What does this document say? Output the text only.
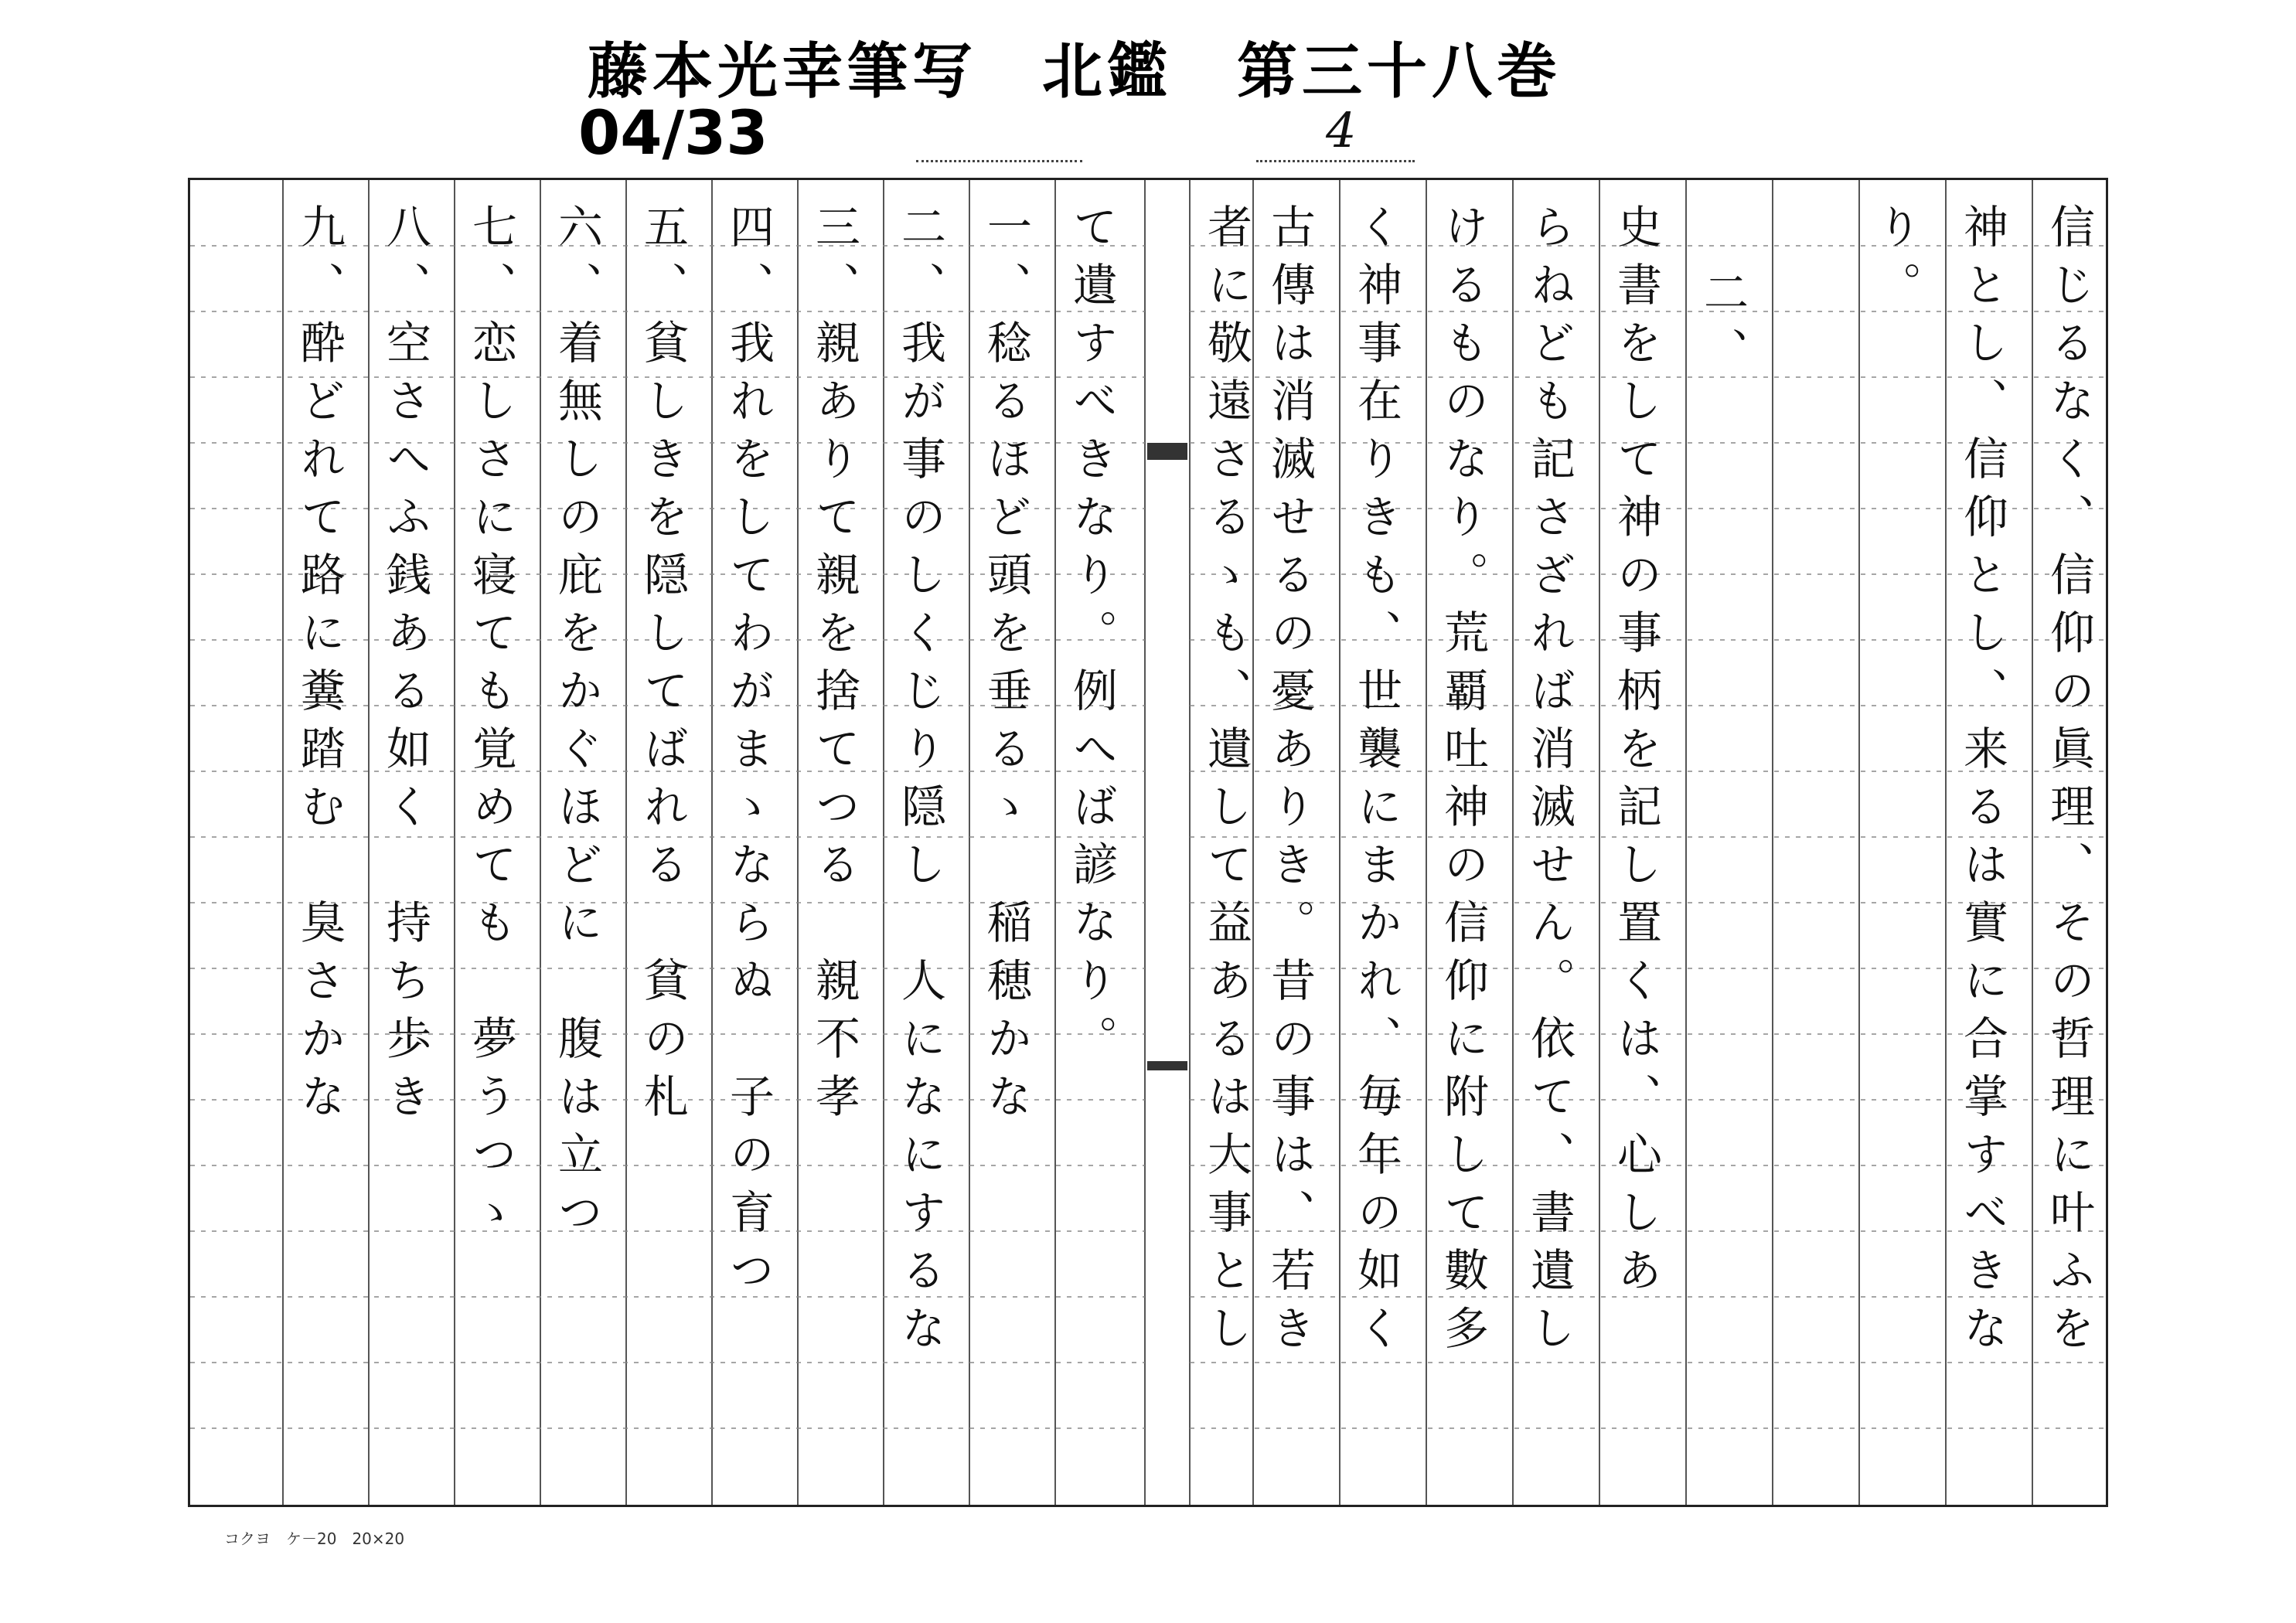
藤本光幸筆写　北鑑　第三十八巻
04/33	4
信じるなく、信仰の眞理、その哲理に叶ふを
神とし、信仰とし、来るは實に合掌すべきな
り。
二、
史書をして神の事柄を記し置くは、心しあ
らねども記さざれば消滅せん。依て、書遺し
けるものなり。荒覇吐神の信仰に附して數多
く神事在りきも、世襲にまかれ、毎年の如く
古傳は消滅せるの憂ありき。昔の事は、若き
者に敬遠さるゝも、遺して益あるは大事とし
て遺すべきなり。例へば諺なり。
一、稔るほど頭を垂るゝ　稲穂かな
二、我が事のしくじり隠し　人になにするな
三、親ありて親を捨てつる　親不孝
四、我れをしてわがまゝならぬ　子の育つ
五、貧しきを隠してばれる　貧の札
六、着無しの庇をかぐほどに　腹は立つ
七、恋しさに寝ても覚めても　夢うつゝ
八、空さへふ銭ある如く　持ち歩き
九、酔どれて路に糞踏む　臭さかな
コクヨ　ケ－20　20×20
